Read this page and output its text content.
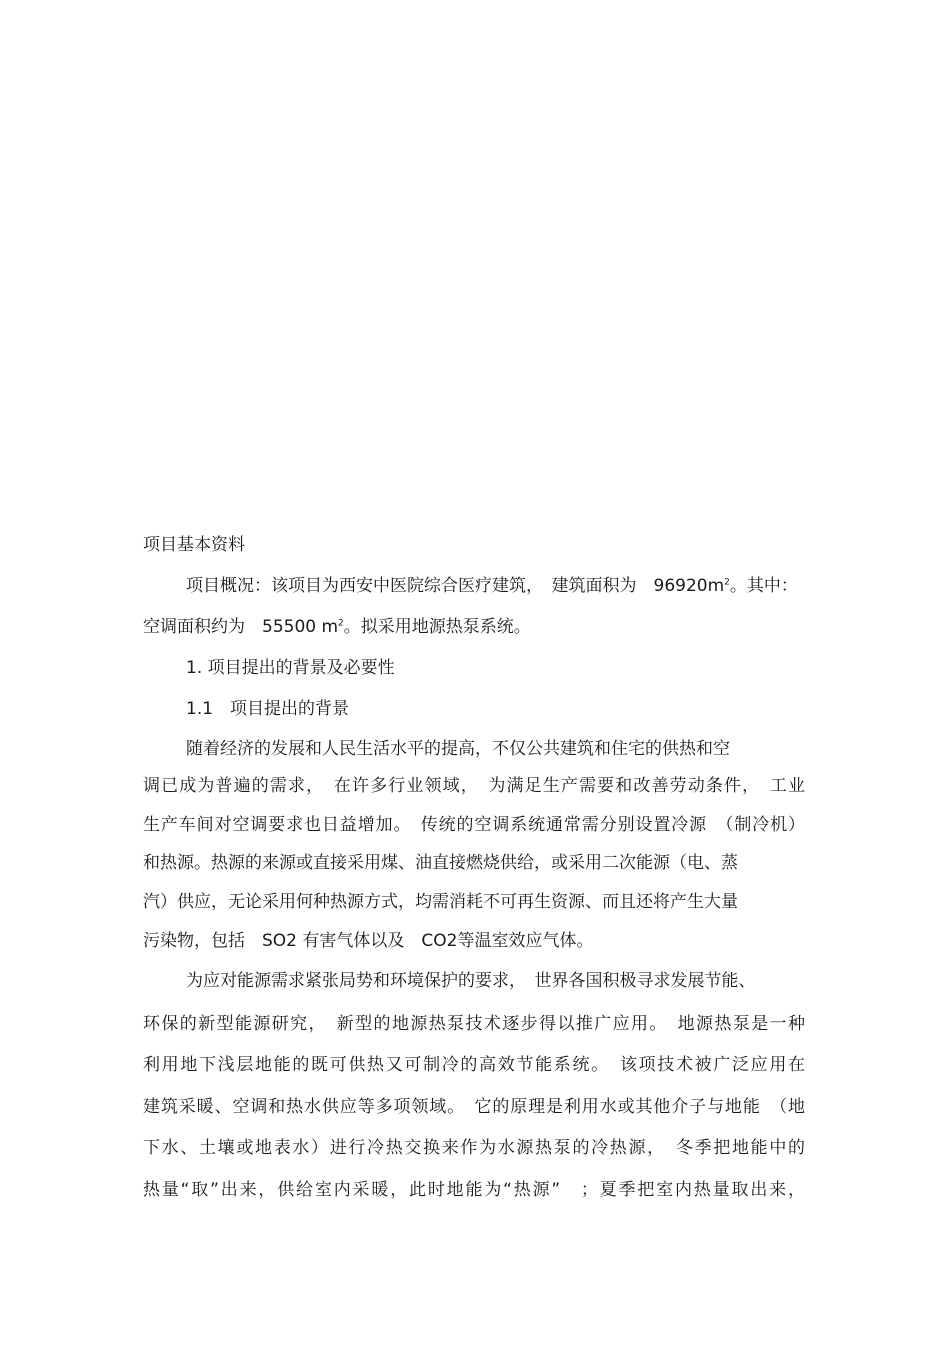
项目基本资料
项目概况：该项目为西安中医院综合医疗建筑，　建筑面积为　$96920m^2$。其中：
空调面积约为　55500 $m^2$。拟采用地源热泵系统。
1. 项目提出的背景及必要性
1.1　项目提出的背景
随着经济的发展和人民生活水平的提高，不仅公共建筑和住宅的供热和空
调已成为普遍的需求，　在许多行业领域，　为满足生产需要和改善劳动条件，　工业
生产车间对空调要求也日益增加。　传统的空调系统通常需分别设置冷源　（制冷机）
和热源。热源的来源或直接采用煤、油直接燃烧供给，或采用二次能源（电、蒸
汽）供应，无论采用何种热源方式，均需消耗不可再生资源、而且还将产生大量
污染物，包括　SO2 有害气体以及　CO2等温室效应气体。
为应对能源需求紧张局势和环境保护的要求，　世界各国积极寻求发展节能、
环保的新型能源研究，　新型的地源热泵技术逐步得以推广应用。　地源热泵是一种
利用地下浅层地能的既可供热又可制冷的高效节能系统。　该项技术被广泛应用在
建筑采暖、空调和热水供应等多项领域。　它的原理是利用水或其他介子与地能　（地
下水、土壤或地表水）进行冷热交换来作为水源热泵的冷热源，　冬季把地能中的
热量“取”出来，供给室内采暖，此时地能为“热源”　；夏季把室内热量取出来，
